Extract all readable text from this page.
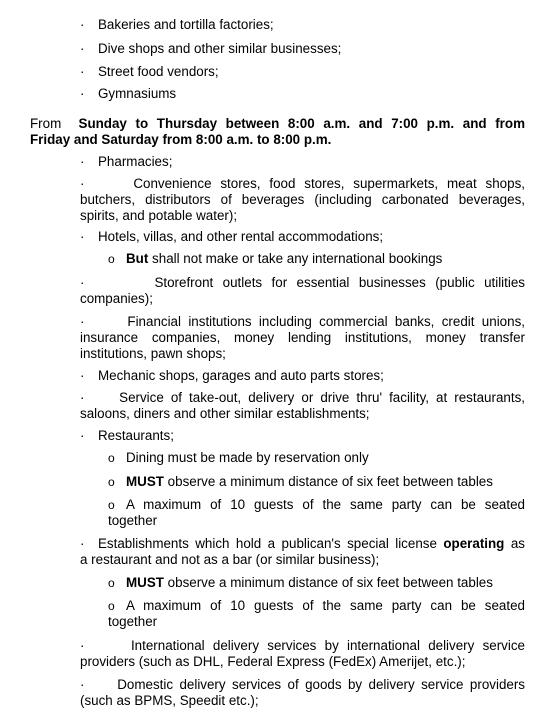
· Bakeries and tortilla factories;
· Dive shops and other similar businesses;
· Street food vendors;
· Gymnasiums
From Sunday to Thursday between 8:00 a.m. and 7:00 p.m. and from
Friday and Saturday from 8:00 a.m. to 8:00 p.m.
· Pharmacies;
·	Convenience stores, food stores, supermarkets, meat shops,
butchers, distributors of beverages (including carbonated beverages,
spirits, and potable water);
· Hotels, villas, and other rental accommodations;
o But shall not make or take any international bookings
·	Storefront outlets for essential businesses (public utilities
companies);
·	Financial institutions including commercial banks, credit unions,
insurance companies, money lending institutions, money transfer
institutions, pawn shops;
· Mechanic shops, garages and auto parts stores;
·	Service of take-out, delivery or drive thru' facility, at restaurants,
saloons, diners and other similar establishments;
· Restaurants;
o Dining must be made by reservation only
o MUST observe a minimum distance of six feet between tables
o A maximum of 10 guests of the same party can be seated
together
· Establishments which hold a publican's special license operating as
a restaurant and not as a bar (or similar business);
o MUST observe a minimum distance of six feet between tables
o A maximum of 10 guests of the same party can be seated
together
·	International delivery services by international delivery service
providers (such as DHL, Federal Express (FedEx) Amerijet, etc.);
· Domestic delivery services of goods by delivery service providers
(such as BPMS, Speedit etc.);
